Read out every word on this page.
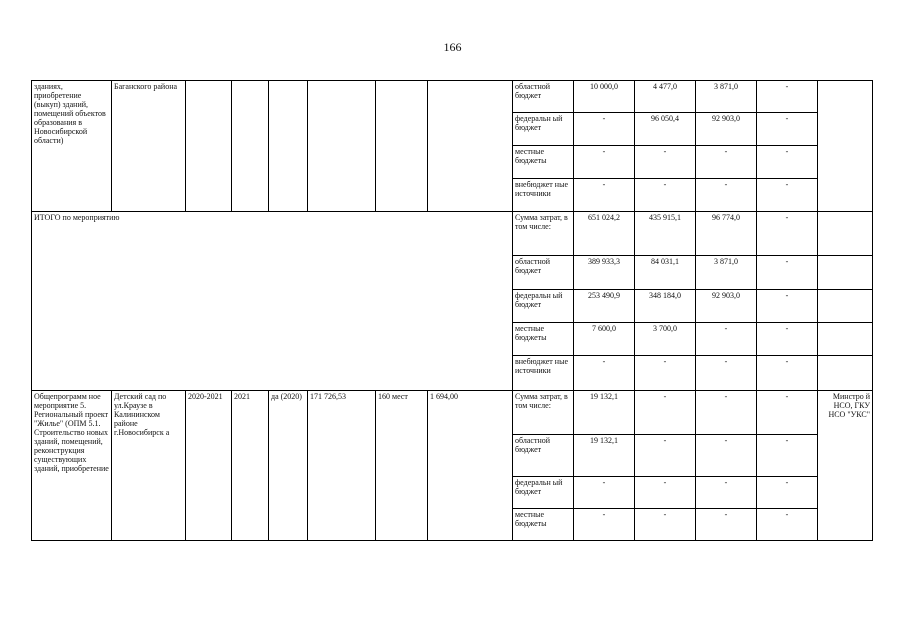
166
зданиях, приобретение (выкуп) зданий, помещений объектов образования в Новосибирской области)	Баганского района							областной бюджет	10 000,0	4 477,0	3 871,0	-	
								федеральн ый бюджет	-	96 050,4	92 903,0	-	
								местные бюджеты	-	-	-	-	
								внебюджет ные источники	-	-	-	-	
ИТОГО по мероприятию								Сумма затрат, в том числе:	651 024,2	435 915,1	96 774,0	-	
								областной бюджет	389 933,3	84 031,1	3 871,0	-	
								федеральн ый бюджет	253 490,9	348 184,0	92 903,0	-	
								местные бюджеты	7 600,0	3 700,0	-	-	
								внебюджет ные источники	-	-	-	-	
Общепрограмм ное мероприятие 5. Региональный проект "Жилье" (ОПМ 5.1. Строительство новых зданий, помещений, реконструкция существующих зданий, приобретение	Детский сад по ул.Краузе в Калининском районе г.Новосибирск а	2020-2021	2021	да (2020)	171 726,53	160 мест	1 694,00	Сумма затрат, в том числе:	19 132,1	-	-	-	Минстро й НСО, ГКУ НСО "УКС"
								областной бюджет	19 132,1	-	-	-	
								федеральн ый бюджет	-	-	-	-	
								местные бюджеты	-	-	-	-	
